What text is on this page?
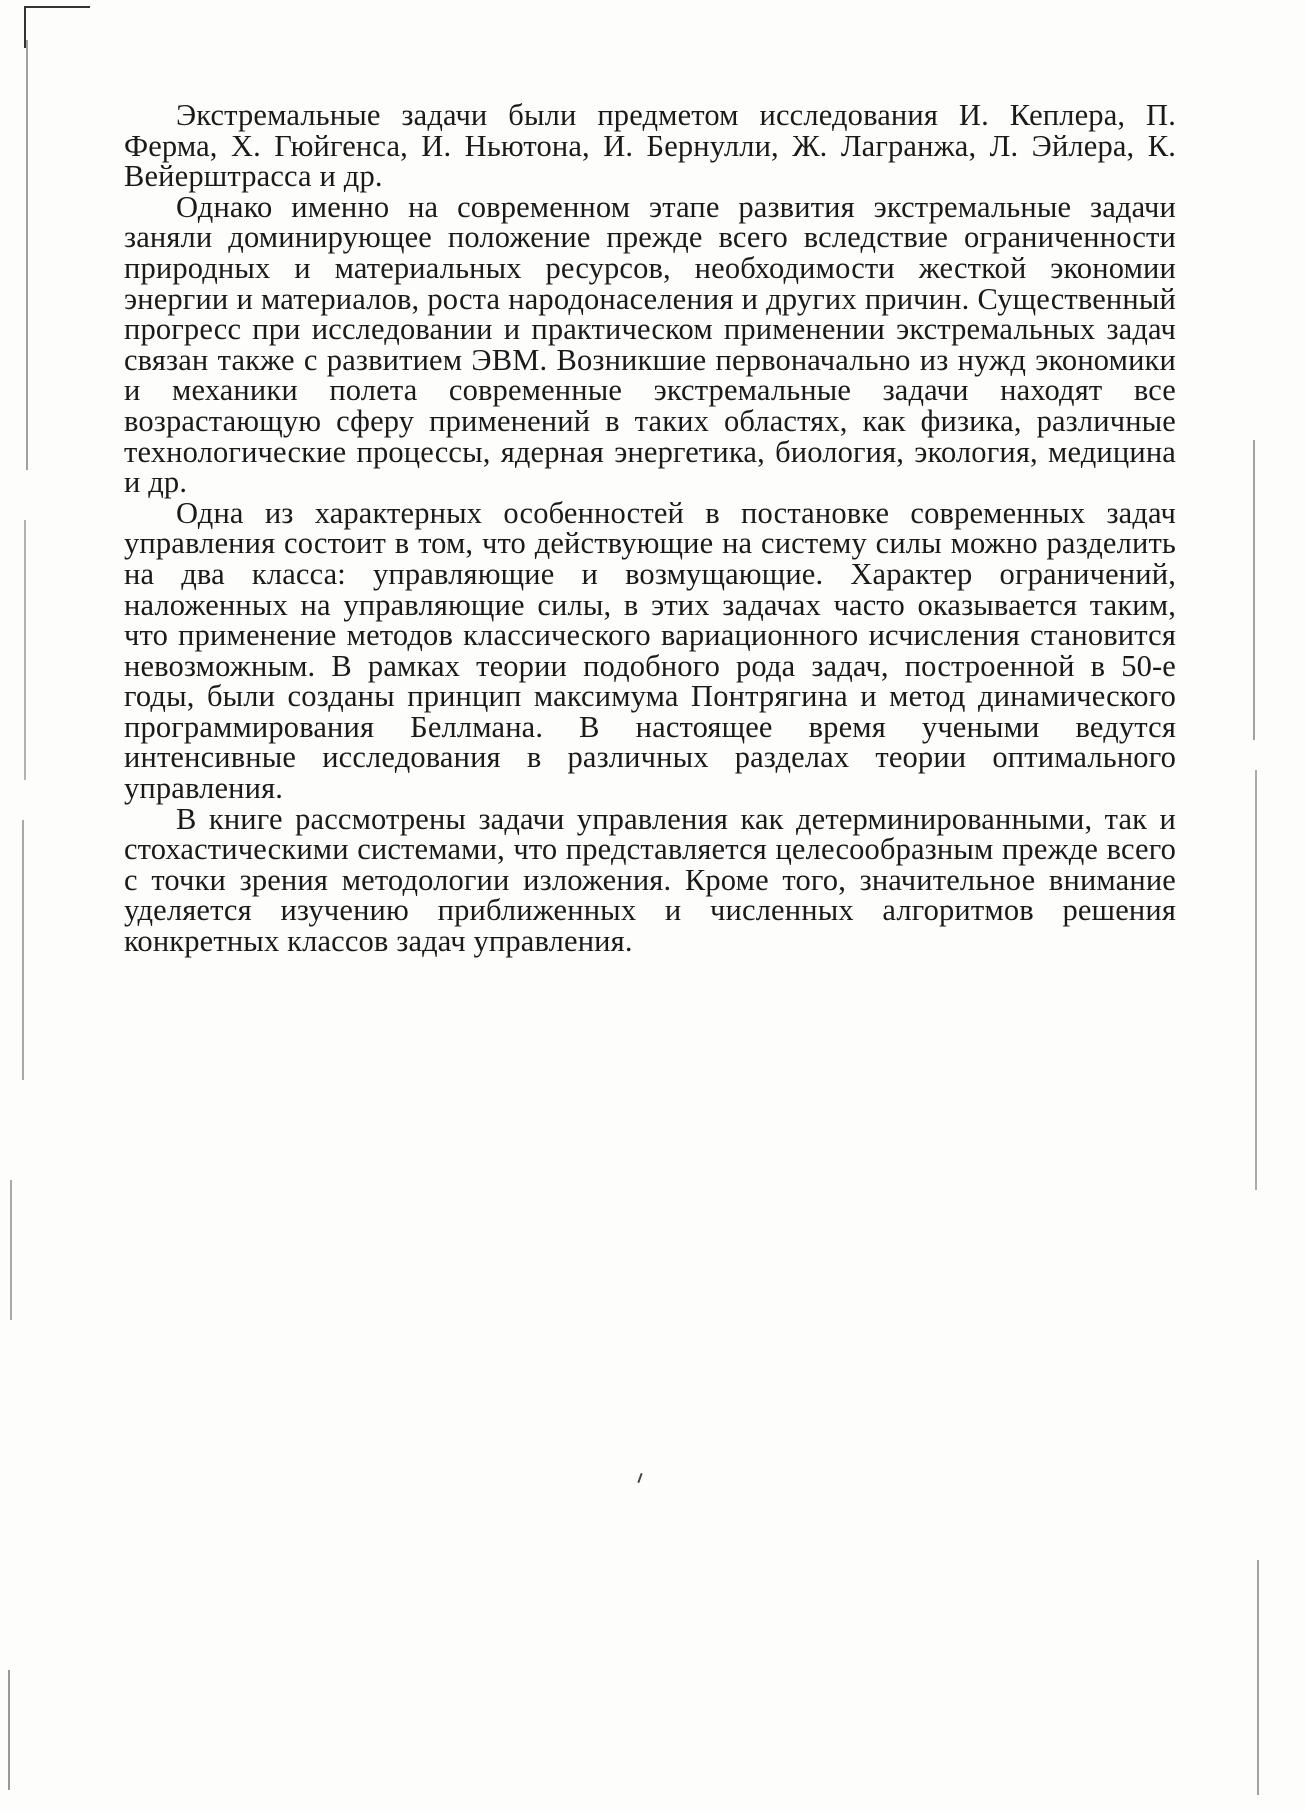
Экстремальные задачи были предметом исследования И. Кеплера, П. Ферма, Х. Гюйгенса, И. Ньютона, И. Бернулли, Ж. Лагранжа, Л. Эйлера, К. Вейерштрасса и др.

Однако именно на современном этапе развития экстремальные задачи заняли доминирующее положение прежде всего вследствие ограниченности природных и материальных ресурсов, необходимости жесткой экономии энергии и материалов, роста народонаселения и других причин. Существенный прогресс при исследовании и практическом применении экстремальных задач связан также с развитием ЭВМ. Возникшие первоначально из нужд экономики и механики полета современные экстремальные задачи находят все возрастающую сферу применений в таких областях, как физика, различные технологические процессы, ядерная энергетика, биология, экология, медицина и др.

Одна из характерных особенностей в постановке современных задач управления состоит в том, что действующие на систему силы можно разделить на два класса: управляющие и возмущающие. Характер ограничений, наложенных на управляющие силы, в этих задачах часто оказывается таким, что применение методов классического вариационного исчисления становится невозможным. В рамках теории подобного рода задач, построенной в 50-е годы, были созданы принцип максимума Понтрягина и метод динамического программирования Беллмана. В настоящее время учеными ведутся интенсивные исследования в различных разделах теории оптимального управления.

В книге рассмотрены задачи управления как детерминированными, так и стохастическими системами, что представляется целесообразным прежде всего с точки зрения методологии изложения. Кроме того, значительное внимание уделяется изучению приближенных и численных алгоритмов решения конкретных классов задач управления.
